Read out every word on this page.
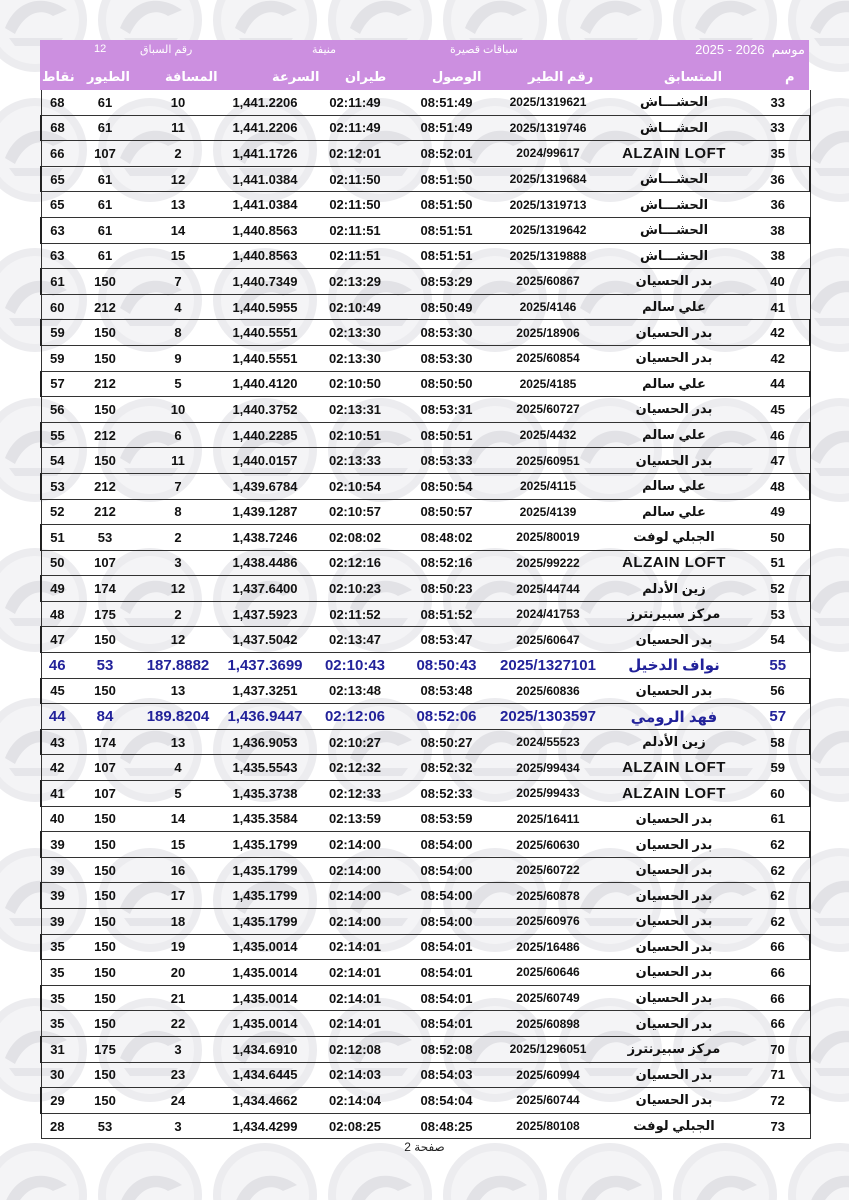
12	رقم السباق	منيفة	سباقات قصيرة	موسم  2026 - 2025
نقاط الطيور	المسافة	السرعة طيران	الوصول	رقم الطير	المتسابق	م
68	61	10	1,441.2206	02:11:49	08:51:49	2025/1319621	الحشـــاش	33
68	61	11	1,441.2206	02:11:49	08:51:49	2025/1319746	الحشـــاش	33
66	107	2	1,441.1726	02:12:01	08:52:01	2024/99617	ALZAIN LOFT	35
65	61	12	1,441.0384	02:11:50	08:51:50	2025/1319684	الحشـــاش	36
65	61	13	1,441.0384	02:11:50	08:51:50	2025/1319713	الحشـــاش	36
63	61	14	1,440.8563	02:11:51	08:51:51	2025/1319642	الحشـــاش	38
63	61	15	1,440.8563	02:11:51	08:51:51	2025/1319888	الحشـــاش	38
61	150	7	1,440.7349	02:13:29	08:53:29	2025/60867	بدر الحسيان	40
60	212	4	1,440.5955	02:10:49	08:50:49	2025/4146	علي سالم	41
59	150	8	1,440.5551	02:13:30	08:53:30	2025/18906	بدر الحسيان	42
59	150	9	1,440.5551	02:13:30	08:53:30	2025/60854	بدر الحسيان	42
57	212	5	1,440.4120	02:10:50	08:50:50	2025/4185	علي سالم	44
56	150	10	1,440.3752	02:13:31	08:53:31	2025/60727	بدر الحسيان	45
55	212	6	1,440.2285	02:10:51	08:50:51	2025/4432	علي سالم	46
54	150	11	1,440.0157	02:13:33	08:53:33	2025/60951	بدر الحسيان	47
53	212	7	1,439.6784	02:10:54	08:50:54	2025/4115	علي سالم	48
52	212	8	1,439.1287	02:10:57	08:50:57	2025/4139	علي سالم	49
51	53	2	1,438.7246	02:08:02	08:48:02	2025/80019	الجبلي لوفت	50
50	107	3	1,438.4486	02:12:16	08:52:16	2025/99222	ALZAIN LOFT	51
49	174	12	1,437.6400	02:10:23	08:50:23	2025/44744	زين الأدلم	52
48	175	2	1,437.5923	02:11:52	08:51:52	2024/41753	مركز سبيرنترز	53
47	150	12	1,437.5042	02:13:47	08:53:47	2025/60647	بدر الحسيان	54
46	53	187.8882	1,437.3699	02:10:43	08:50:43	2025/1327101	نواف الدخيل	55
45	150	13	1,437.3251	02:13:48	08:53:48	2025/60836	بدر الحسيان	56
44	84	189.8204	1,436.9447	02:12:06	08:52:06	2025/1303597	فهد الرومي	57
43	174	13	1,436.9053	02:10:27	08:50:27	2024/55523	زين الأدلم	58
42	107	4	1,435.5543	02:12:32	08:52:32	2025/99434	ALZAIN LOFT	59
41	107	5	1,435.3738	02:12:33	08:52:33	2025/99433	ALZAIN LOFT	60
40	150	14	1,435.3584	02:13:59	08:53:59	2025/16411	بدر الحسيان	61
39	150	15	1,435.1799	02:14:00	08:54:00	2025/60630	بدر الحسيان	62
39	150	16	1,435.1799	02:14:00	08:54:00	2025/60722	بدر الحسيان	62
39	150	17	1,435.1799	02:14:00	08:54:00	2025/60878	بدر الحسيان	62
39	150	18	1,435.1799	02:14:00	08:54:00	2025/60976	بدر الحسيان	62
35	150	19	1,435.0014	02:14:01	08:54:01	2025/16486	بدر الحسيان	66
35	150	20	1,435.0014	02:14:01	08:54:01	2025/60646	بدر الحسيان	66
35	150	21	1,435.0014	02:14:01	08:54:01	2025/60749	بدر الحسيان	66
35	150	22	1,435.0014	02:14:01	08:54:01	2025/60898	بدر الحسيان	66
31	175	3	1,434.6910	02:12:08	08:52:08	2025/1296051	مركز سبيرنترز	70
30	150	23	1,434.6445	02:14:03	08:54:03	2025/60994	بدر الحسيان	71
29	150	24	1,434.4662	02:14:04	08:54:04	2025/60744	بدر الحسيان	72
28	53	3	1,434.4299	02:08:25	08:48:25	2025/80108	الجبلي لوفت	73
صفحة 2
